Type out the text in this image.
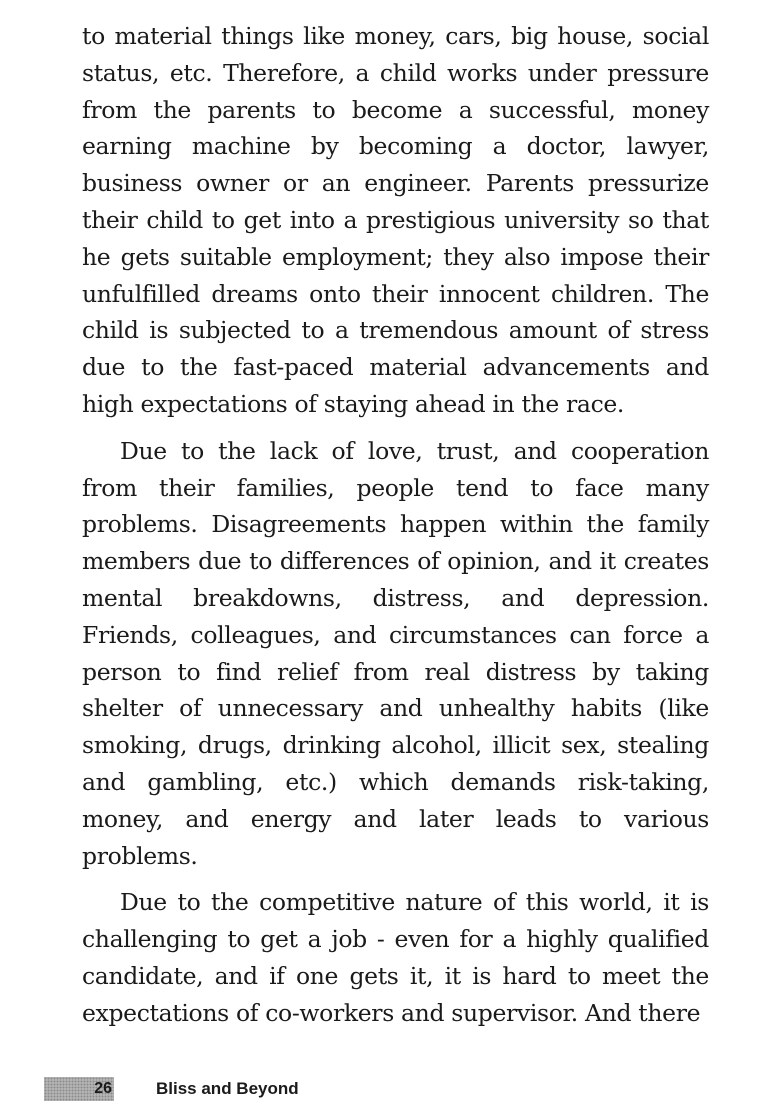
to material things like money, cars, big house, social status, etc. Therefore, a child works under pressure from the parents to become a successful, money earning machine by becoming a doctor, lawyer, business owner or an engineer. Parents pressurize their child to get into a prestigious university so that he gets suitable employment; they also impose their unfulfilled dreams onto their innocent children. The child is subjected to a tremendous amount of stress due to the fast-paced material advancements and high expectations of staying ahead in the race.

Due to the lack of love, trust, and cooperation from their families, people tend to face many problems. Disagreements happen within the family members due to differences of opinion, and it creates mental breakdowns, distress, and depression. Friends, colleagues, and circumstances can force a person to find relief from real distress by taking shelter of unnecessary and unhealthy habits (like smoking, drugs, drinking alcohol, illicit sex, stealing and gambling, etc.) which demands risk-taking, money, and energy and later leads to various problems.

Due to the competitive nature of this world, it is challenging to get a job - even for a highly qualified candidate, and if one gets it, it is hard to meet the expectations of co-workers and supervisor. And there

26	Bliss and Beyond
